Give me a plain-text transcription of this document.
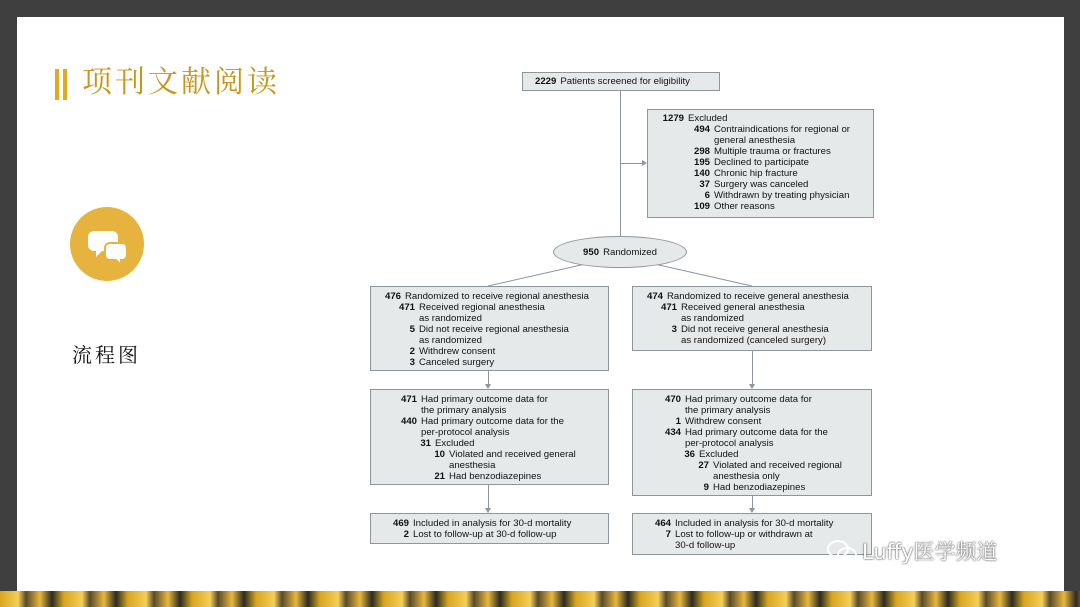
项刊文献阅读
流程图
2229 Patients screened for eligibility
1279 Excluded
494 Contraindications for regional or
general anesthesia
298 Multiple trauma or fractures
195 Declined to participate
140 Chronic hip fracture
37 Surgery was canceled
6 Withdrawn by treating physician
109 Other reasons
950 Randomized
476 Randomized to receive regional anesthesia
471 Received regional anesthesia
as randomized
5 Did not receive regional anesthesia
as randomized
2 Withdrew consent
3 Canceled surgery
474 Randomized to receive general anesthesia
471 Received general anesthesia
as randomized
3 Did not receive general anesthesia
as randomized (canceled surgery)
471 Had primary outcome data for
the primary analysis
440 Had primary outcome data for the
per-protocol analysis
31 Excluded
10 Violated and received general
anesthesia
21 Had benzodiazepines
470 Had primary outcome data for
the primary analysis
1 Withdrew consent
434 Had primary outcome data for the
per-protocol analysis
36 Excluded
27 Violated and received regional
anesthesia only
9 Had benzodiazepines
469 Included in analysis for 30-d mortality
2 Lost to follow-up at 30-d follow-up
464 Included in analysis for 30-d mortality
7 Lost to follow-up or withdrawn at
30-d follow-up	Luffy医学频道
